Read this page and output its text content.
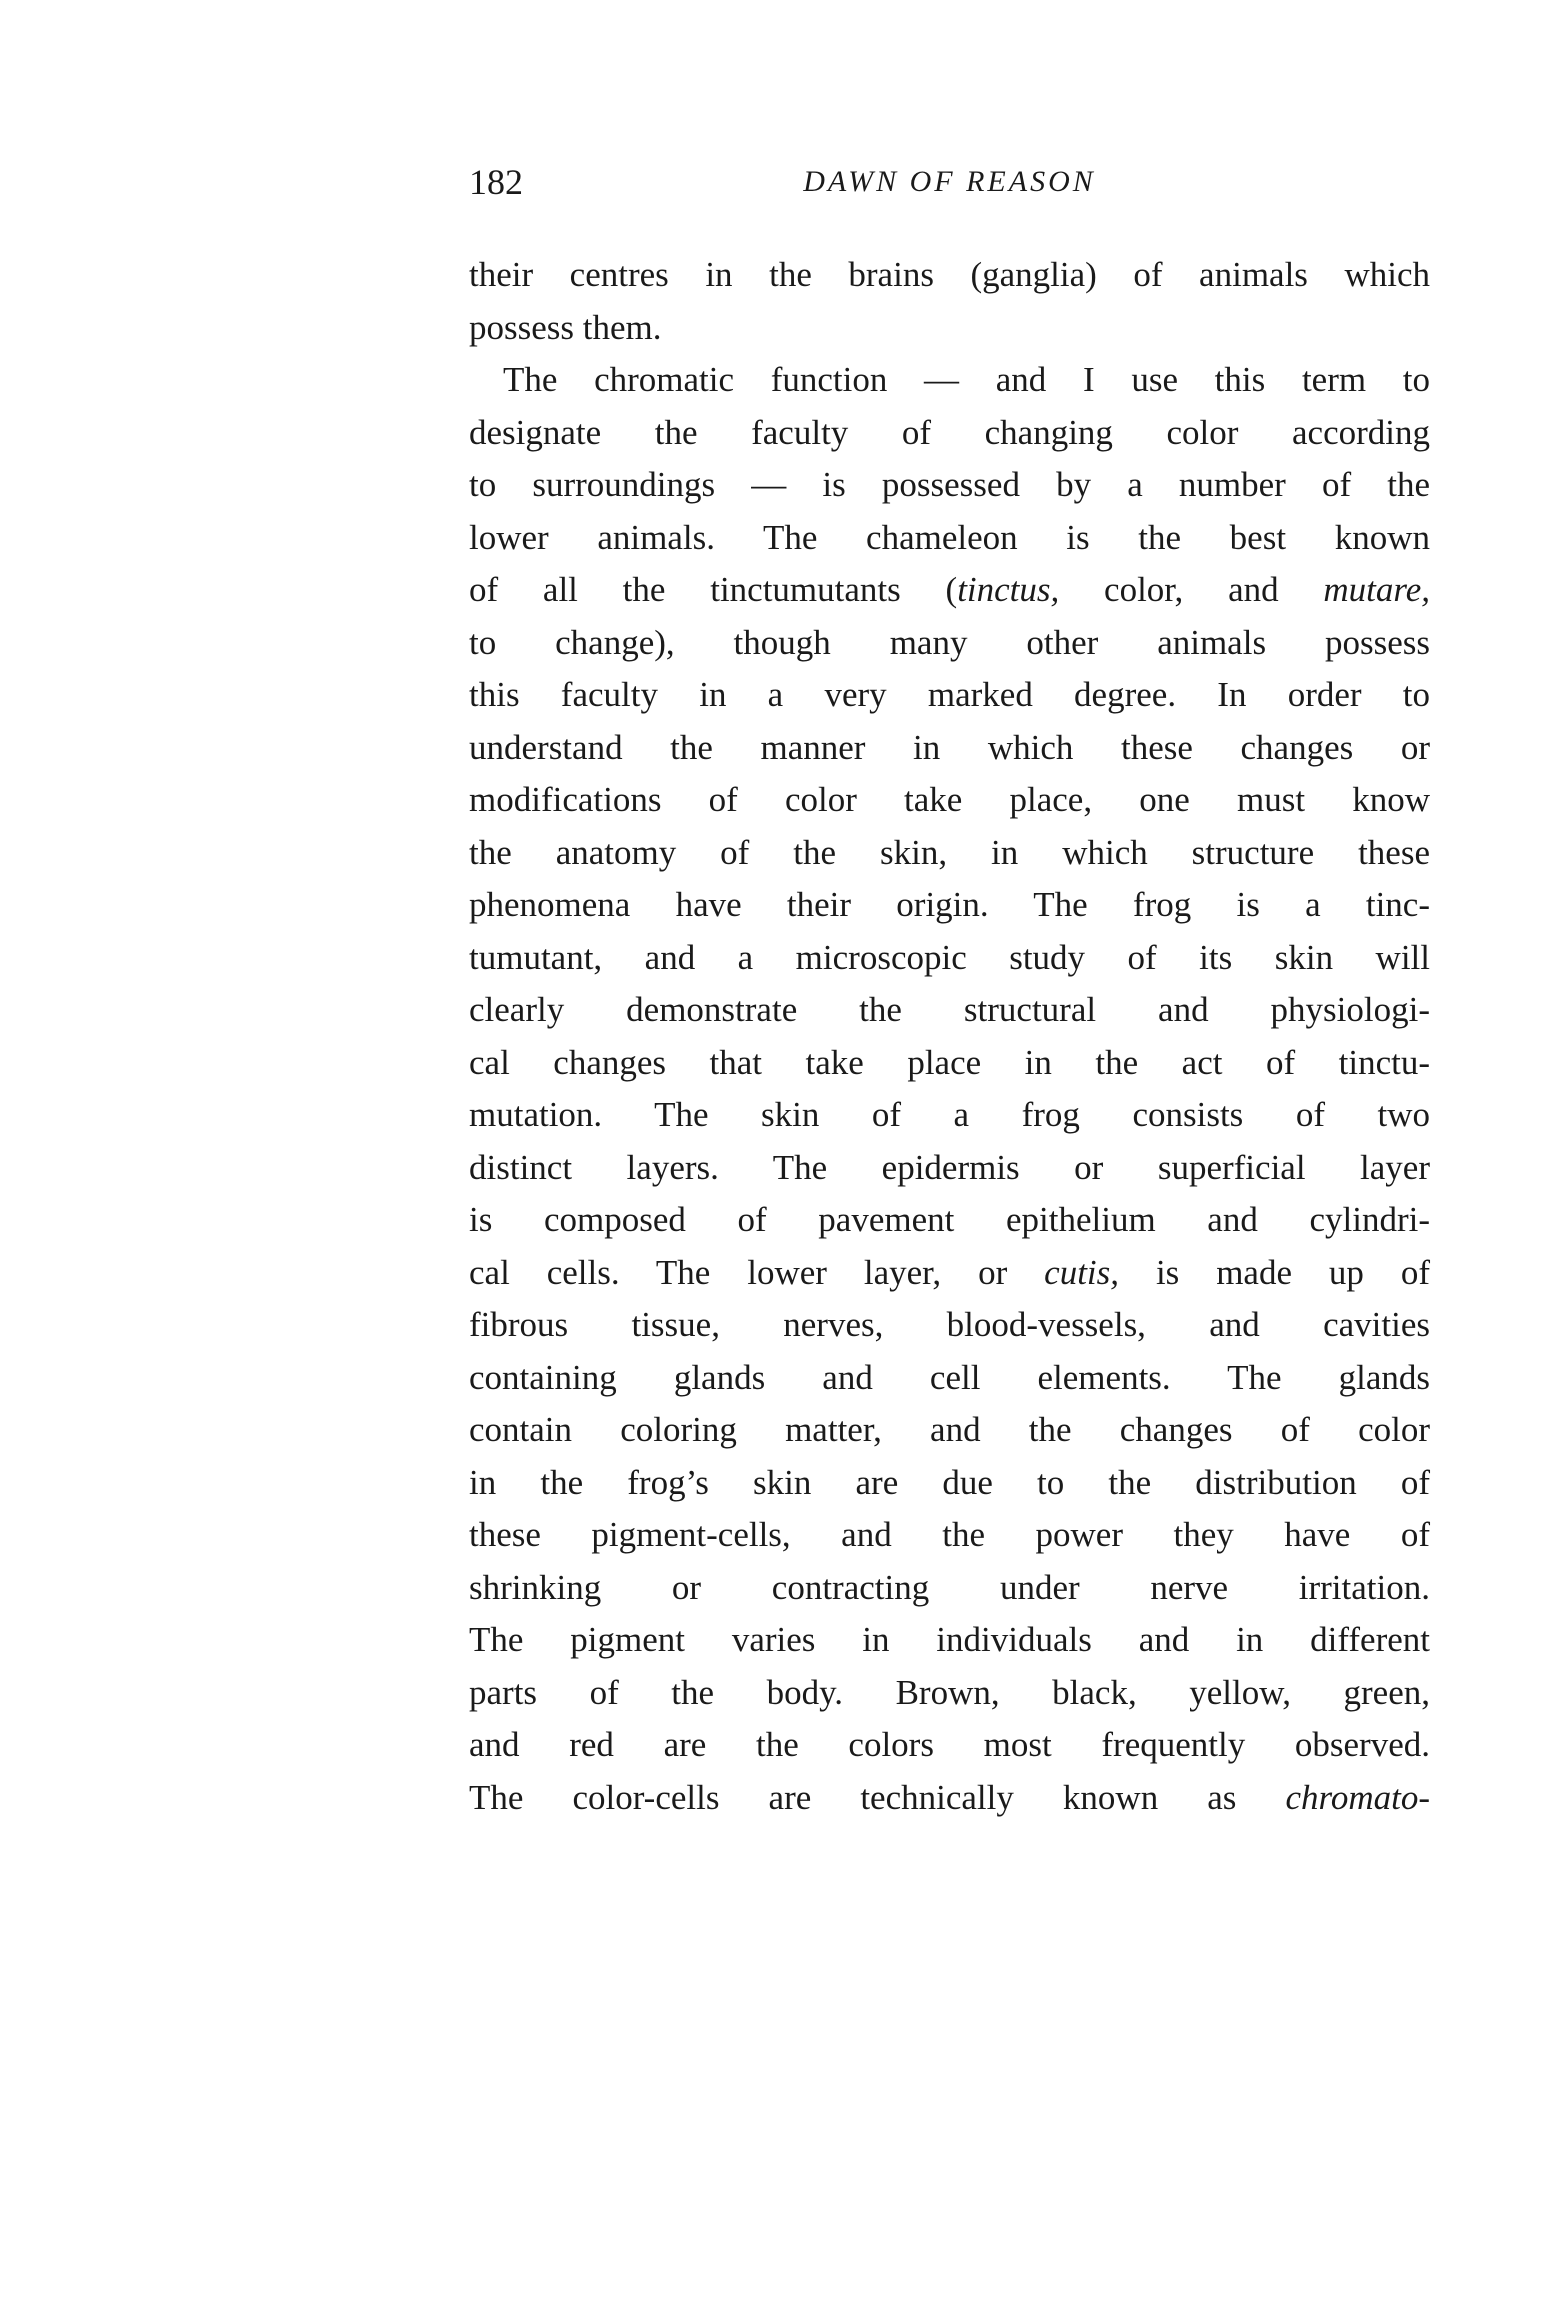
182	DAWN OF REASON
their centres in the brains (ganglia) of animals which
possess them.
The chromatic function — and I use this term to
designate the faculty of changing color according
to surroundings — is possessed by a number of the
lower animals. The chameleon is the best known
of all the tinctumutants (tinctus, color, and mutare,
to change), though many other animals possess
this faculty in a very marked degree. In order to
understand the manner in which these changes or
modifications of color take place, one must know
the anatomy of the skin, in which structure these
phenomena have their origin. The frog is a tinc-
tumutant, and a microscopic study of its skin will
clearly demonstrate the structural and physiologi-
cal changes that take place in the act of tinctu-
mutation. The skin of a frog consists of two
distinct layers. The epidermis or superficial layer
is composed of pavement epithelium and cylindri-
cal cells. The lower layer, or cutis, is made up of
fibrous tissue, nerves, blood-vessels, and cavities
containing glands and cell elements. The glands
contain coloring matter, and the changes of color
in the frog’s skin are due to the distribution of
these pigment-cells, and the power they have of
shrinking or contracting under nerve irritation.
The pigment varies in individuals and in different
parts of the body. Brown, black, yellow, green,
and red are the colors most frequently observed.
The color-cells are technically known as chromato-
